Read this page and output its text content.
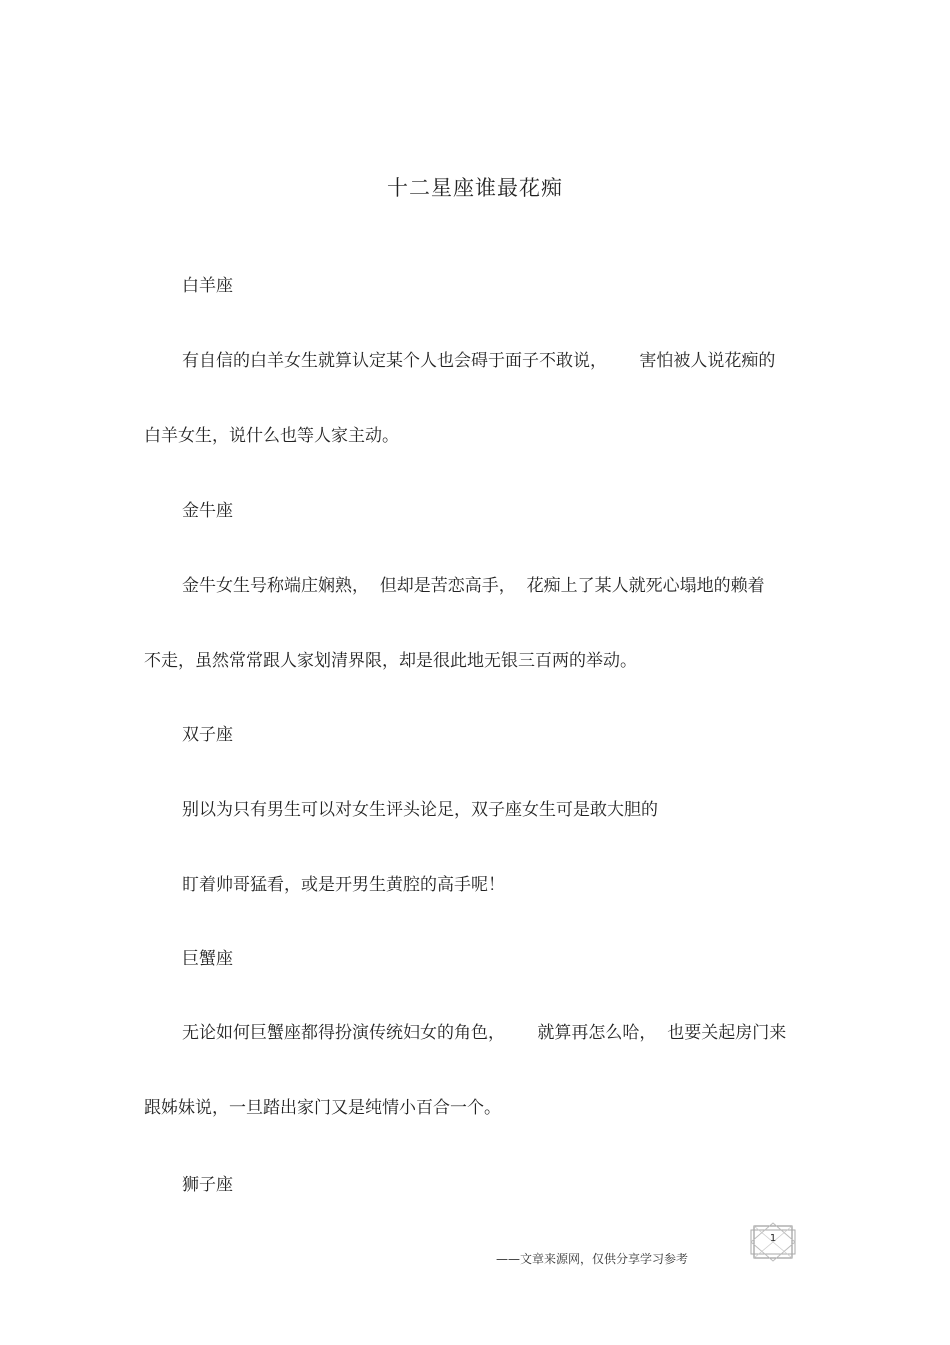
十二星座谁最花痴
白羊座
有自信的白羊女生就算认定某个人也会碍于面子不敢说，      害怕被人说花痴的
白羊女生，说什么也等人家主动。
金牛座
金牛女生号称端庄娴熟，  但却是苦恋高手，  花痴上了某人就死心塌地的赖着
不走，虽然常常跟人家划清界限，却是很此地无银三百两的举动。
双子座
别以为只有男生可以对女生评头论足，双子座女生可是敢大胆的
盯着帅哥猛看，或是开男生黄腔的高手呢！
巨蟹座
无论如何巨蟹座都得扮演传统妇女的角色，      就算再怎么哈，  也要关起房门来
跟姊妹说，一旦踏出家门又是纯情小百合一个。
狮子座
——文章来源网，仅供分享学习参考
1
